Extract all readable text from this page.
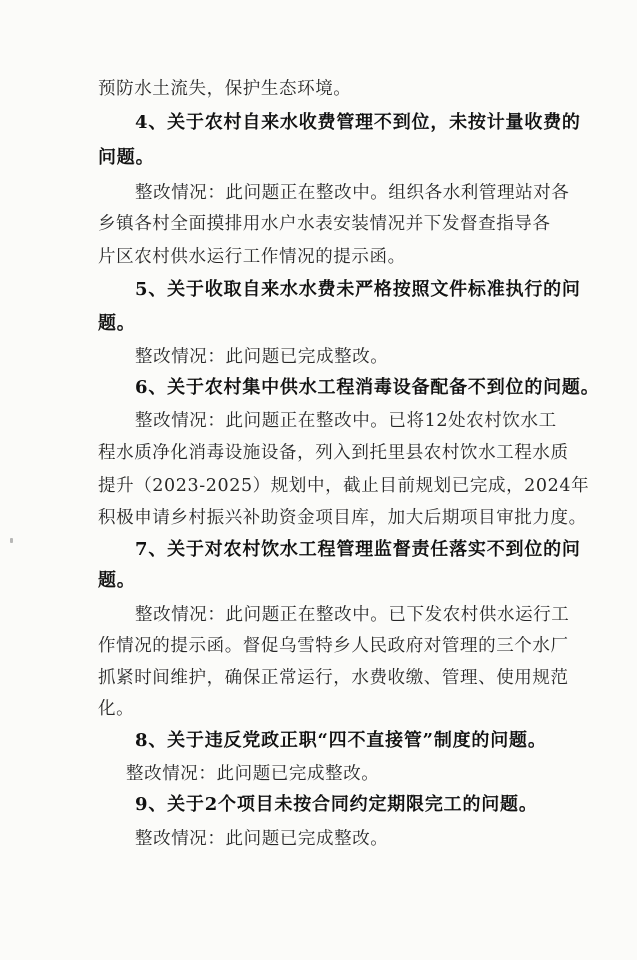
预防水土流失，保护生态环境。
4、关于农村自来水收费管理不到位，未按计量收费的
问题。
整改情况：此问题正在整改中。组织各水利管理站对各
乡镇各村全面摸排用水户水表安装情况并下发督查指导各
片区农村供水运行工作情况的提示函。
5、关于收取自来水水费未严格按照文件标准执行的问
题。
整改情况：此问题已完成整改。
6、关于农村集中供水工程消毒设备配备不到位的问题。
整改情况：此问题正在整改中。已将12处农村饮水工
程水质净化消毒设施设备，列入到托里县农村饮水工程水质
提升（2023-2025）规划中，截止目前规划已完成，2024年
积极申请乡村振兴补助资金项目库，加大后期项目审批力度。
7、关于对农村饮水工程管理监督责任落实不到位的问
题。
整改情况：此问题正在整改中。已下发农村供水运行工
作情况的提示函。督促乌雪特乡人民政府对管理的三个水厂
抓紧时间维护，确保正常运行，水费收缴、管理、使用规范
化。
8、关于违反党政正职“四不直接管”制度的问题。
整改情况：此问题已完成整改。
9、关于2个项目未按合同约定期限完工的问题。
整改情况：此问题已完成整改。
